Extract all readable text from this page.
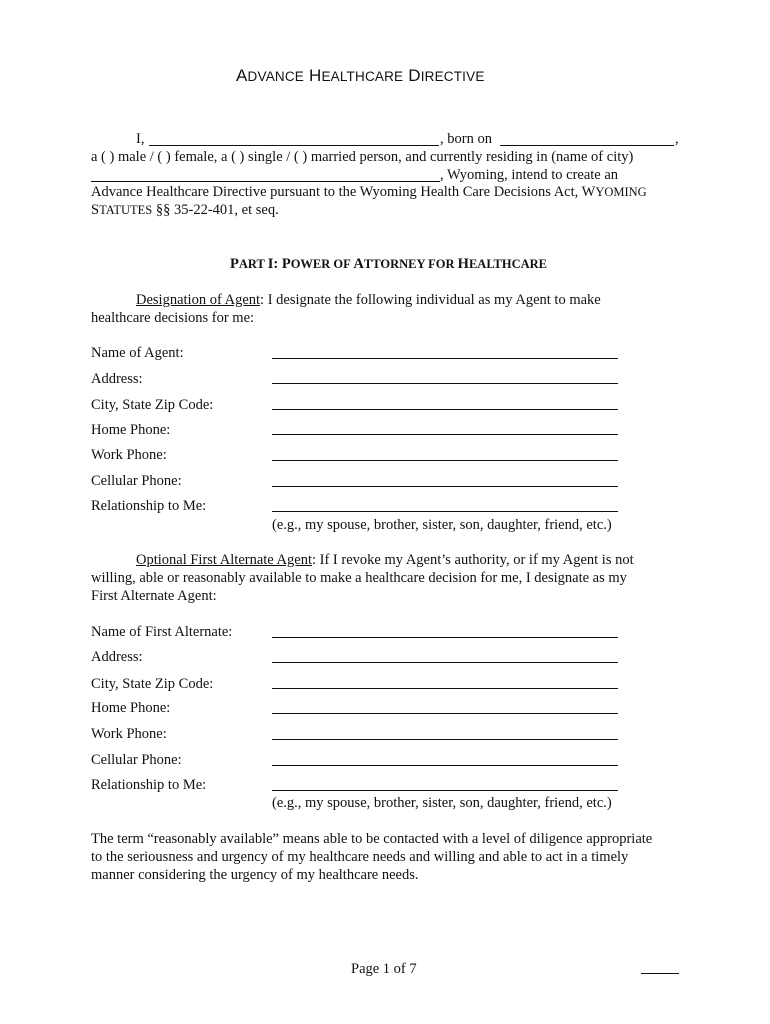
ADVANCE HEALTHCARE DIRECTIVE
I,	, born on	,
a ( ) male / ( ) female, a ( ) single / ( ) married person, and currently residing in (name of city)
, Wyoming, intend to create an
Advance Healthcare Directive pursuant to the Wyoming Health Care Decisions Act, WYOMING
STATUTES §§ 35-22-401, et seq.
PART I: POWER OF ATTORNEY FOR HEALTHCARE
Designation of Agent: I designate the following individual as my Agent to make
healthcare decisions for me:
Name of Agent:
Address:
City, State Zip Code:
Home Phone:
Work Phone:
Cellular Phone:
Relationship to Me:
(e.g., my spouse, brother, sister, son, daughter, friend, etc.)
Optional First Alternate Agent: If I revoke my Agent’s authority, or if my Agent is not
willing, able or reasonably available to make a healthcare decision for me, I designate as my
First Alternate Agent:
Name of First Alternate:
Address:
City, State Zip Code:
Home Phone:
Work Phone:
Cellular Phone:
Relationship to Me:
(e.g., my spouse, brother, sister, son, daughter, friend, etc.)
The term “reasonably available” means able to be contacted with a level of diligence appropriate
to the seriousness and urgency of my healthcare needs and willing and able to act in a timely
manner considering the urgency of my healthcare needs.
Page 1 of 7
